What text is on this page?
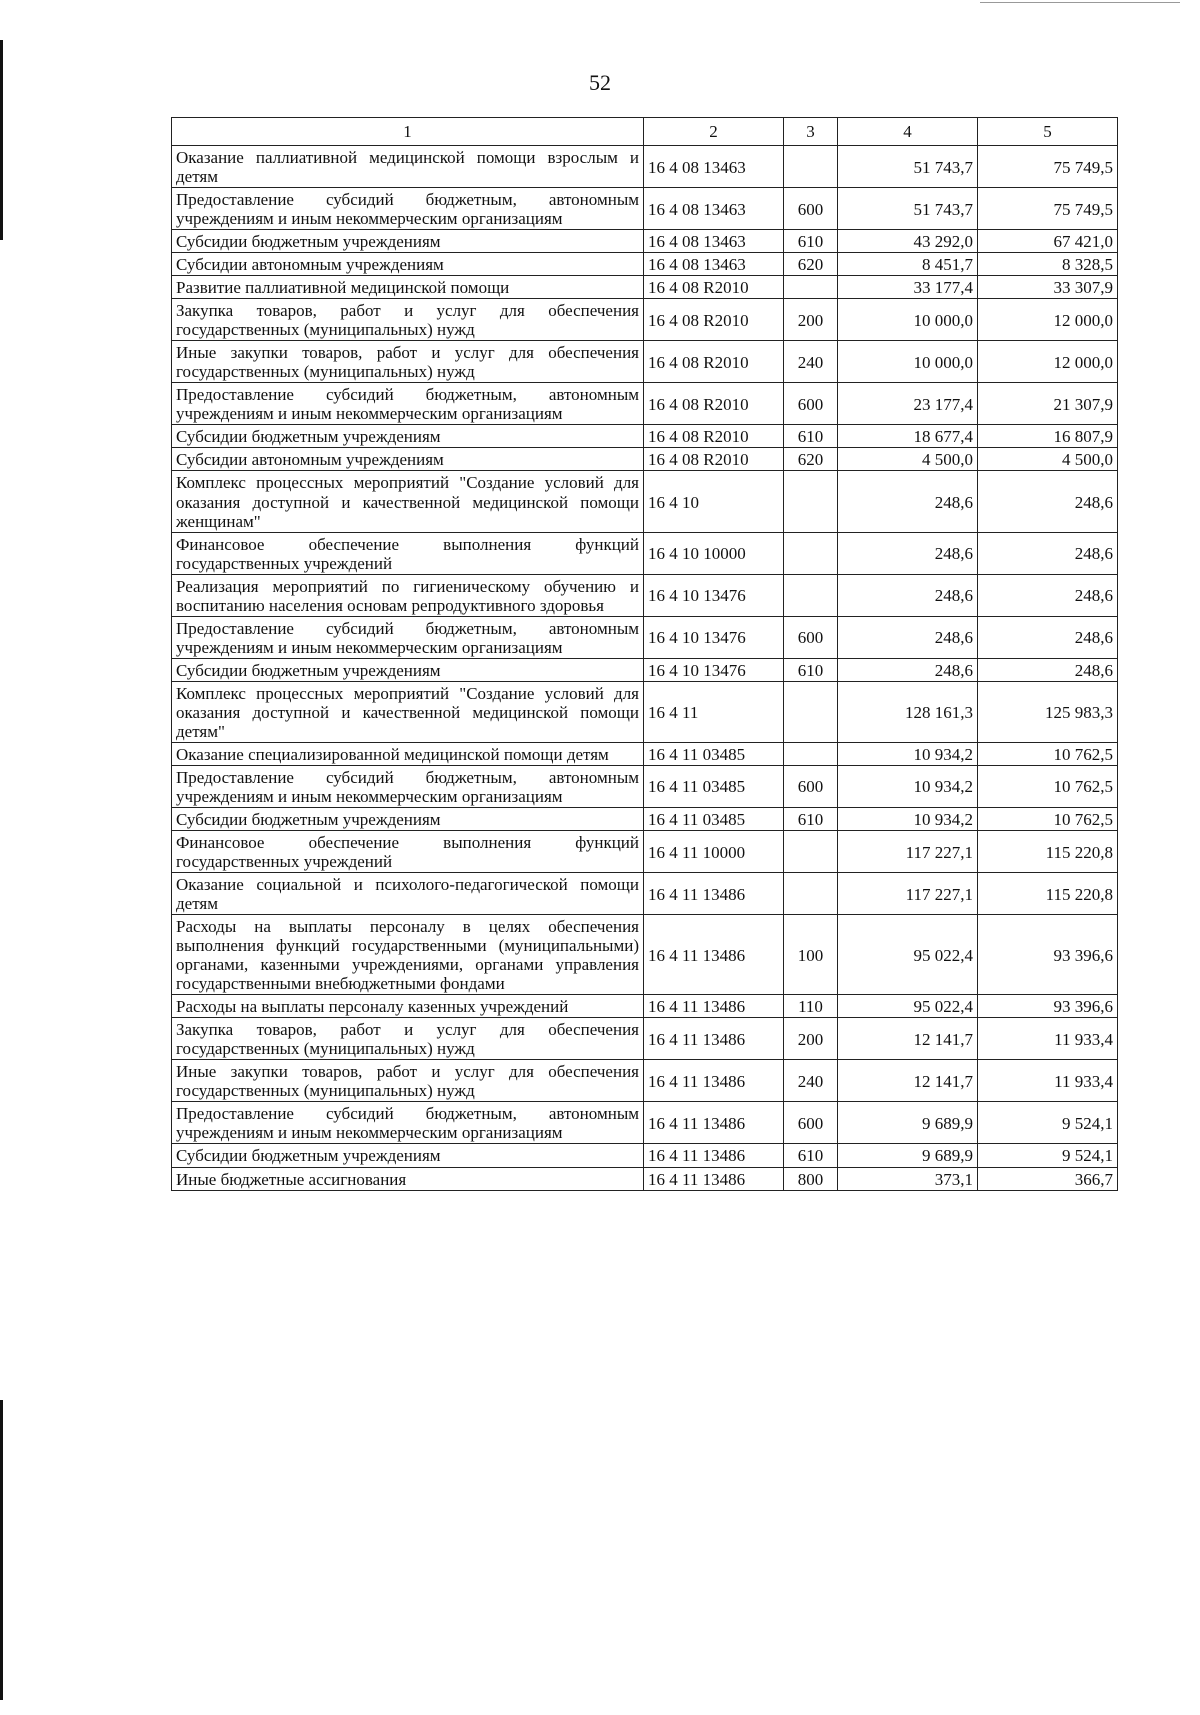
52
1	2	3	4	5
Оказание паллиативной медицинской помощи взрослым и детям	16 4 08 13463		51 743,7	75 749,5
Предоставление субсидий бюджетным, автономным учреждениям и иным некоммерческим организациям	16 4 08 13463	600	51 743,7	75 749,5
Субсидии бюджетным учреждениям	16 4 08 13463	610	43 292,0	67 421,0
Субсидии автономным учреждениям	16 4 08 13463	620	8 451,7	8 328,5
Развитие паллиативной медицинской помощи	16 4 08 R2010		33 177,4	33 307,9
Закупка товаров, работ и услуг для обеспечения государственных (муниципальных) нужд	16 4 08 R2010	200	10 000,0	12 000,0
Иные закупки товаров, работ и услуг для обеспечения государственных (муниципальных) нужд	16 4 08 R2010	240	10 000,0	12 000,0
Предоставление субсидий бюджетным, автономным учреждениям и иным некоммерческим организациям	16 4 08 R2010	600	23 177,4	21 307,9
Субсидии бюджетным учреждениям	16 4 08 R2010	610	18 677,4	16 807,9
Субсидии автономным учреждениям	16 4 08 R2010	620	4 500,0	4 500,0
Комплекс процессных мероприятий "Создание условий для оказания доступной и качественной медицинской помощи женщинам"	16 4 10		248,6	248,6
Финансовое обеспечение выполнения функций государственных учреждений	16 4 10 10000		248,6	248,6
Реализация мероприятий по гигиеническому обучению и воспитанию населения основам репродуктивного здоровья	16 4 10 13476		248,6	248,6
Предоставление субсидий бюджетным, автономным учреждениям и иным некоммерческим организациям	16 4 10 13476	600	248,6	248,6
Субсидии бюджетным учреждениям	16 4 10 13476	610	248,6	248,6
Комплекс процессных мероприятий "Создание условий для оказания доступной и качественной медицинской помощи детям"	16 4 11		128 161,3	125 983,3
Оказание специализированной медицинской помощи детям	16 4 11 03485		10 934,2	10 762,5
Предоставление субсидий бюджетным, автономным учреждениям и иным некоммерческим организациям	16 4 11 03485	600	10 934,2	10 762,5
Субсидии бюджетным учреждениям	16 4 11 03485	610	10 934,2	10 762,5
Финансовое обеспечение выполнения функций государственных учреждений	16 4 11 10000		117 227,1	115 220,8
Оказание социальной и психолого-педагогической помощи детям	16 4 11 13486		117 227,1	115 220,8
Расходы на выплаты персоналу в целях обеспечения выполнения функций государственными (муниципальными) органами, казенными учреждениями, органами управления государственными внебюджетными фондами	16 4 11 13486	100	95 022,4	93 396,6
Расходы на выплаты персоналу казенных учреждений	16 4 11 13486	110	95 022,4	93 396,6
Закупка товаров, работ и услуг для обеспечения государственных (муниципальных) нужд	16 4 11 13486	200	12 141,7	11 933,4
Иные закупки товаров, работ и услуг для обеспечения государственных (муниципальных) нужд	16 4 11 13486	240	12 141,7	11 933,4
Предоставление субсидий бюджетным, автономным учреждениям и иным некоммерческим организациям	16 4 11 13486	600	9 689,9	9 524,1
Субсидии бюджетным учреждениям	16 4 11 13486	610	9 689,9	9 524,1
Иные бюджетные ассигнования	16 4 11 13486	800	373,1	366,7
